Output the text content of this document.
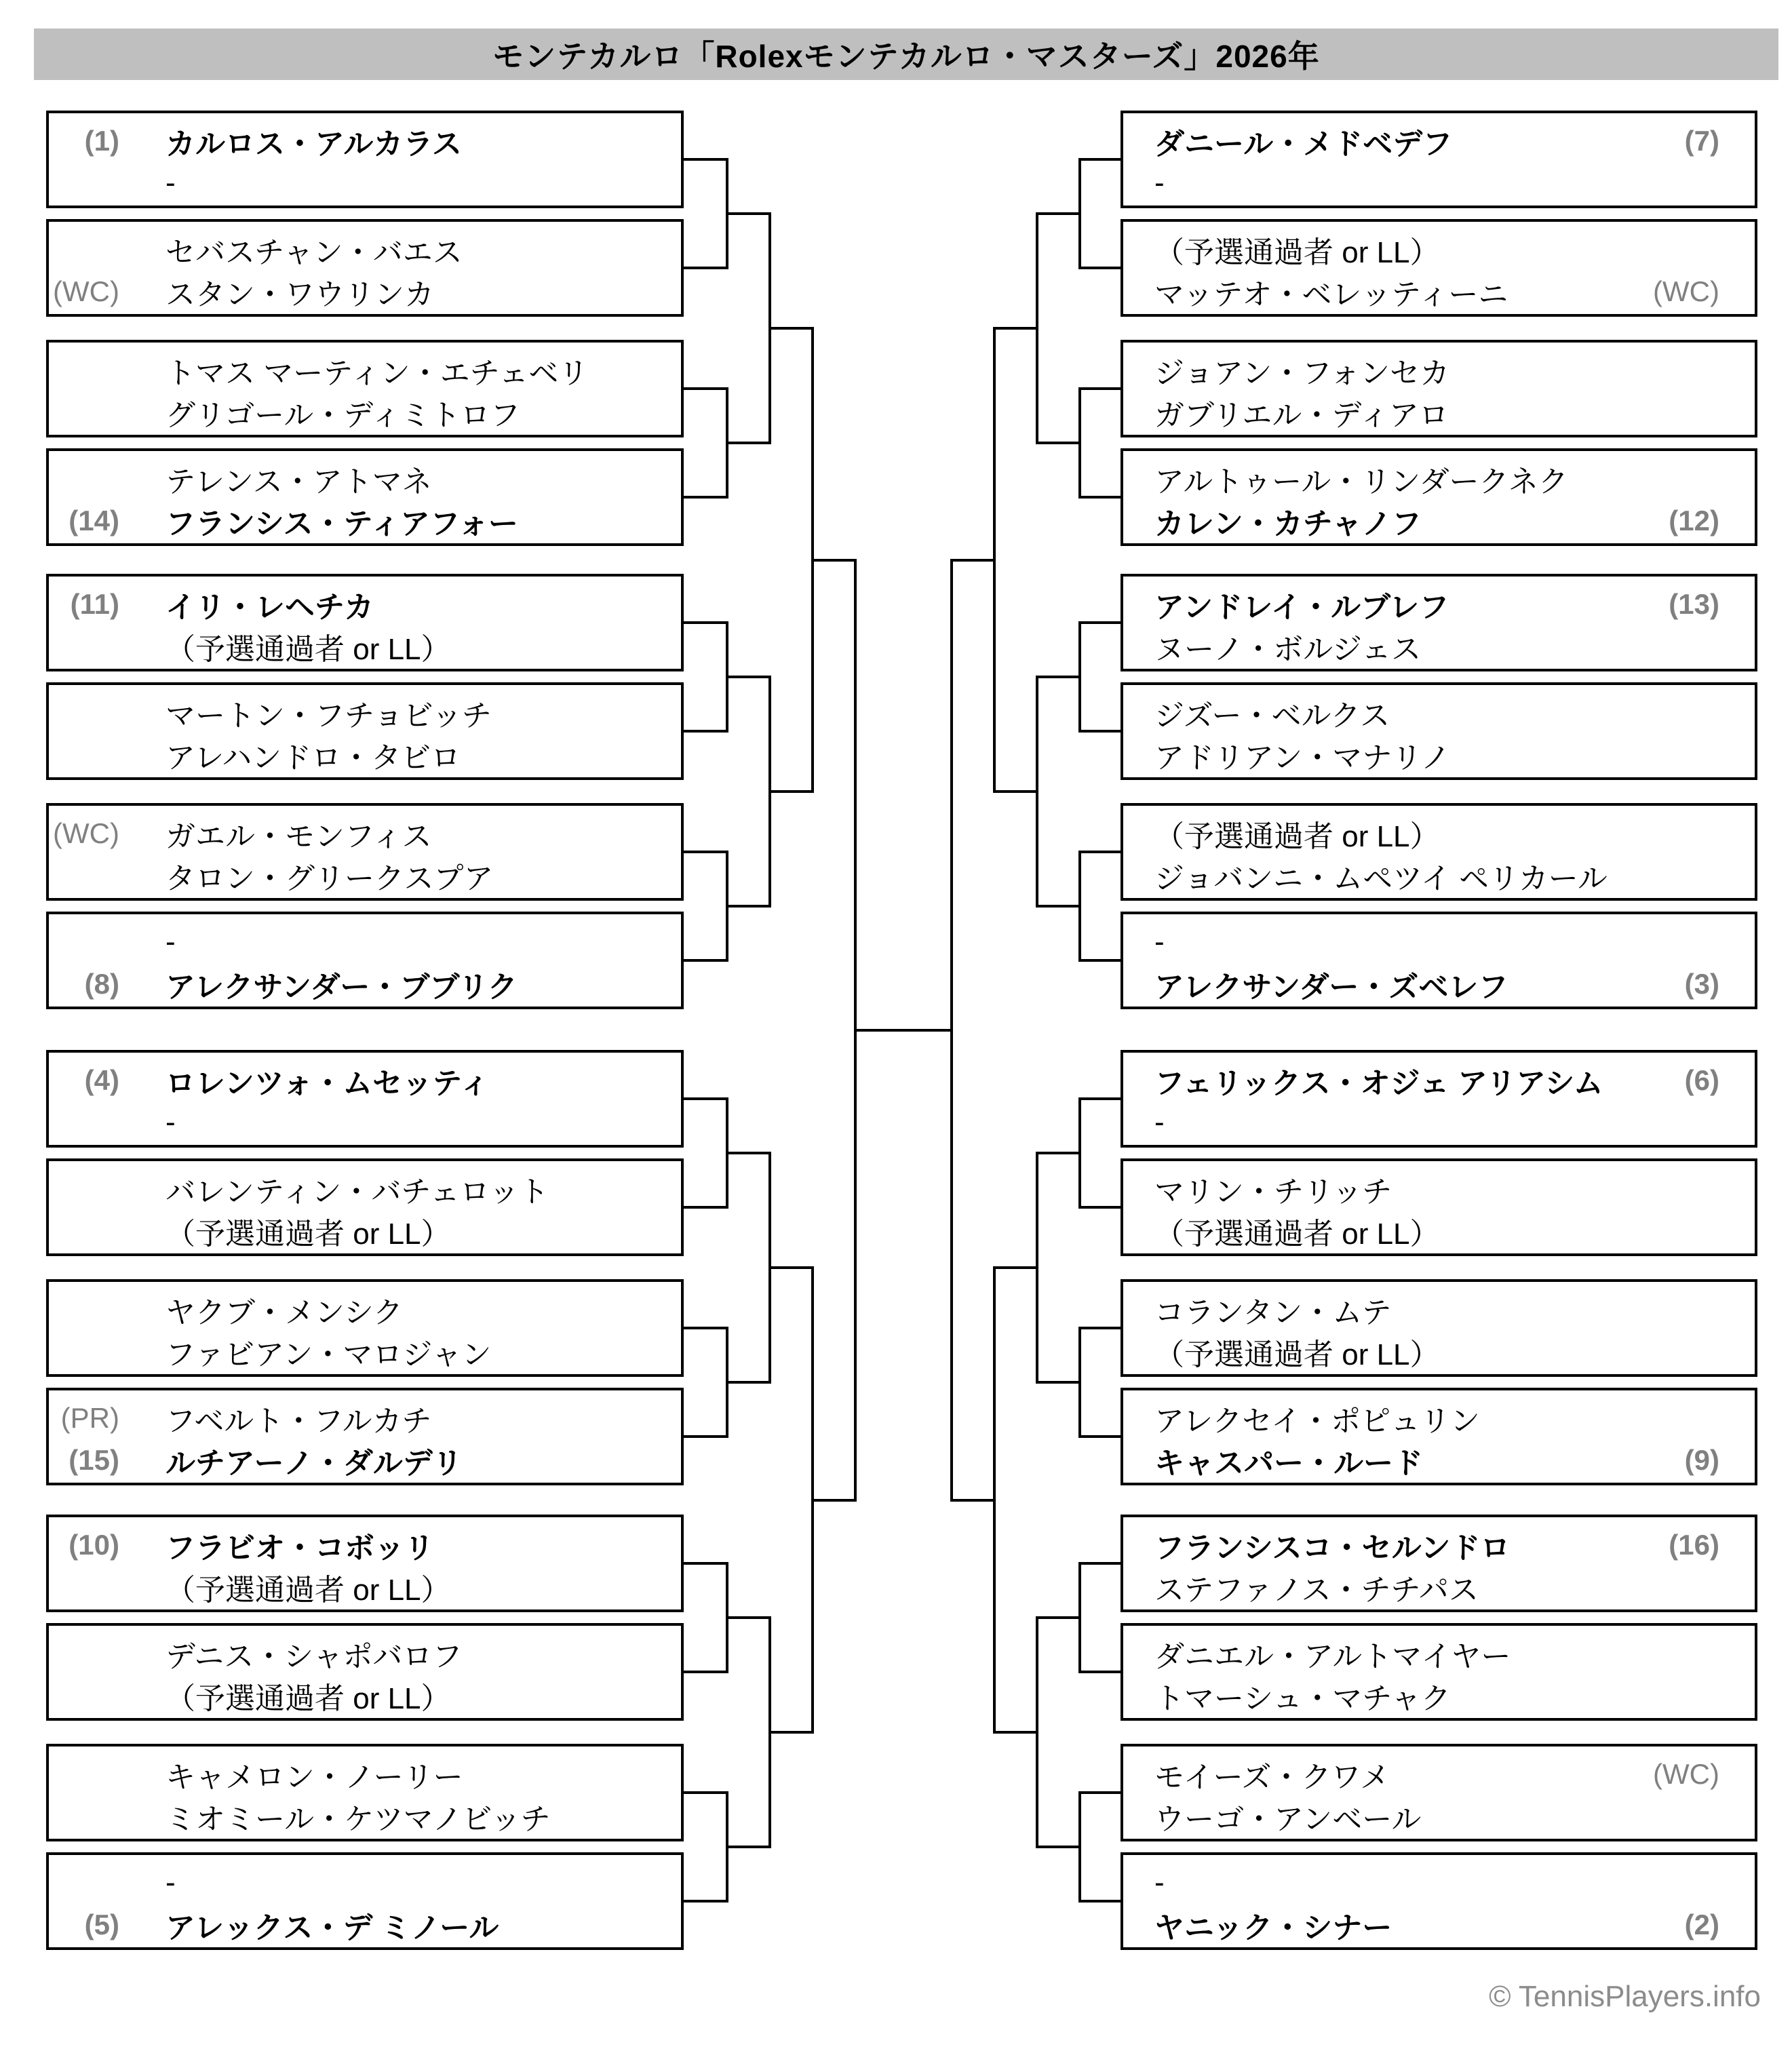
モンテカルロ「Rolexモンテカルロ・マスターズ」2026年
(1) カルロス・アルカラス
-
セバスチャン・バエス
(WC) スタン・ワウリンカ
トマス マーティン・エチェベリ
グリゴール・ディミトロフ
テレンス・アトマネ
(14) フランシス・ティアフォー
(11) イリ・レヘチカ
（予選通過者 or LL）
マートン・フチョビッチ
アレハンドロ・タビロ
(WC) ガエル・モンフィス
タロン・グリークスプア
-
(8) アレクサンダー・ブブリク
(4) ロレンツォ・ムセッティ
-
バレンティン・バチェロット
（予選通過者 or LL）
ヤクブ・メンシク
ファビアン・マロジャン
(PR) フベルト・フルカチ
(15) ルチアーノ・ダルデリ
(10) フラビオ・コボッリ
（予選通過者 or LL）
デニス・シャポバロフ
（予選通過者 or LL）
キャメロン・ノーリー
ミオミール・ケツマノビッチ
-
(5) アレックス・デ ミノール
ダニール・メドベデフ	(7)
-
（予選通過者 or LL）
マッテオ・ベレッティーニ	(WC)
ジョアン・フォンセカ
ガブリエル・ディアロ
アルトゥール・リンダークネク
カレン・カチャノフ	(12)
アンドレイ・ルブレフ	(13)
ヌーノ・ボルジェス
ジズー・ベルクス
アドリアン・マナリノ
（予選通過者 or LL）
ジョバンニ・ムペツイ ペリカール
-
アレクサンダー・ズベレフ	(3)
フェリックス・オジェ アリアシム	(6)
-
マリン・チリッチ
（予選通過者 or LL）
コランタン・ムテ
（予選通過者 or LL）
アレクセイ・ポピュリン
キャスパー・ルード	(9)
フランシスコ・セルンドロ	(16)
ステファノス・チチパス
ダニエル・アルトマイヤー
トマーシュ・マチャク
モイーズ・クワメ	(WC)
ウーゴ・アンベール
-
ヤニック・シナー	(2)
© TennisPlayers.info
